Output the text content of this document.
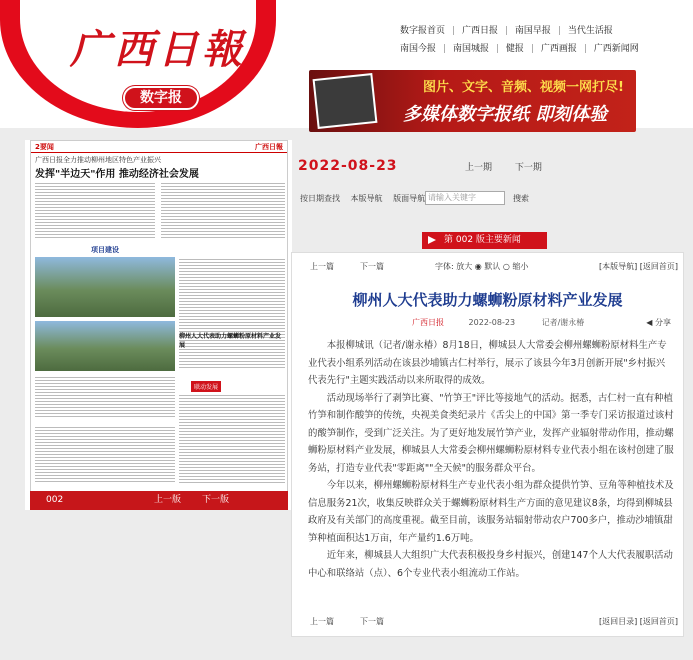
广西日報
数字报
数字报首页 | 广西日报 | 南国早报 | 当代生活报
南国今报 | 南国城报 | 健报 | 广西画报 | 广西新闻网
图片、文字、音频、视频一网打尽!
多媒体数字报纸 即刻体验
2要闻	广西日報
广西日报全力推动柳州地区特色产业振兴
发挥"半边天"作用 推动经济社会发展
项目建设
柳州人大代表助力螺蛳粉原材料产业发展
联动发展
002	上一版 下一版
2022-08-23	上一期	下一期
按日期查找 本版导航 版面导航 请输入关键字	搜索
第 002 版主要新闻
上一篇	下一篇	字体: 放大 ◉ 默认 ○ 缩小	[本版导航] [返回首页]
柳州人大代表助力螺蛳粉原材料产业发展
广西日报	2022-08-23	记者/谢永椿	◀ 分享

本报柳城讯（记者/谢永椿）8月18日，柳城县人大常委会柳州螺蛳粉原材料生产专业代表小组系列活动在该县沙埔镇古仁村举行，展示了该县今年3月创新开展"乡村振兴 代表先行"主题实践活动以来所取得的成效。

活动现场举行了剥笋比赛、"竹笋王"评比等接地气的活动。据悉，古仁村一直有种植竹笋和制作酸笋的传统，央视美食类纪录片《舌尖上的中国》第一季专门采访报道过该村的酸笋制作，受到广泛关注。为了更好地发展竹笋产业，发挥产业辐射带动作用，推动螺蛳粉原材料产业发展，柳城县人大常委会柳州螺蛳粉原材料专业代表小组在该村创建了服务站，打造专业代表"零距离""全天候"的服务群众平台。

今年以来，柳州螺蛳粉原材料生产专业代表小组为群众提供竹笋、豆角等种植技术及信息服务21次，收集反映群众关于螺蛳粉原材料生产方面的意见建议8条，均得到柳城县政府及有关部门的高度重视。截至目前，该服务站辐射带动农户700多户，推动沙埔镇甜笋种植面积达1万亩，年产量约1.6万吨。

近年来，柳城县人大组织广大代表积极投身乡村振兴，创建147个人大代表履职活动中心和联络站（点）、6个专业代表小组流动工作站。

上一篇	下一篇	[返回目录] [返回首页]
